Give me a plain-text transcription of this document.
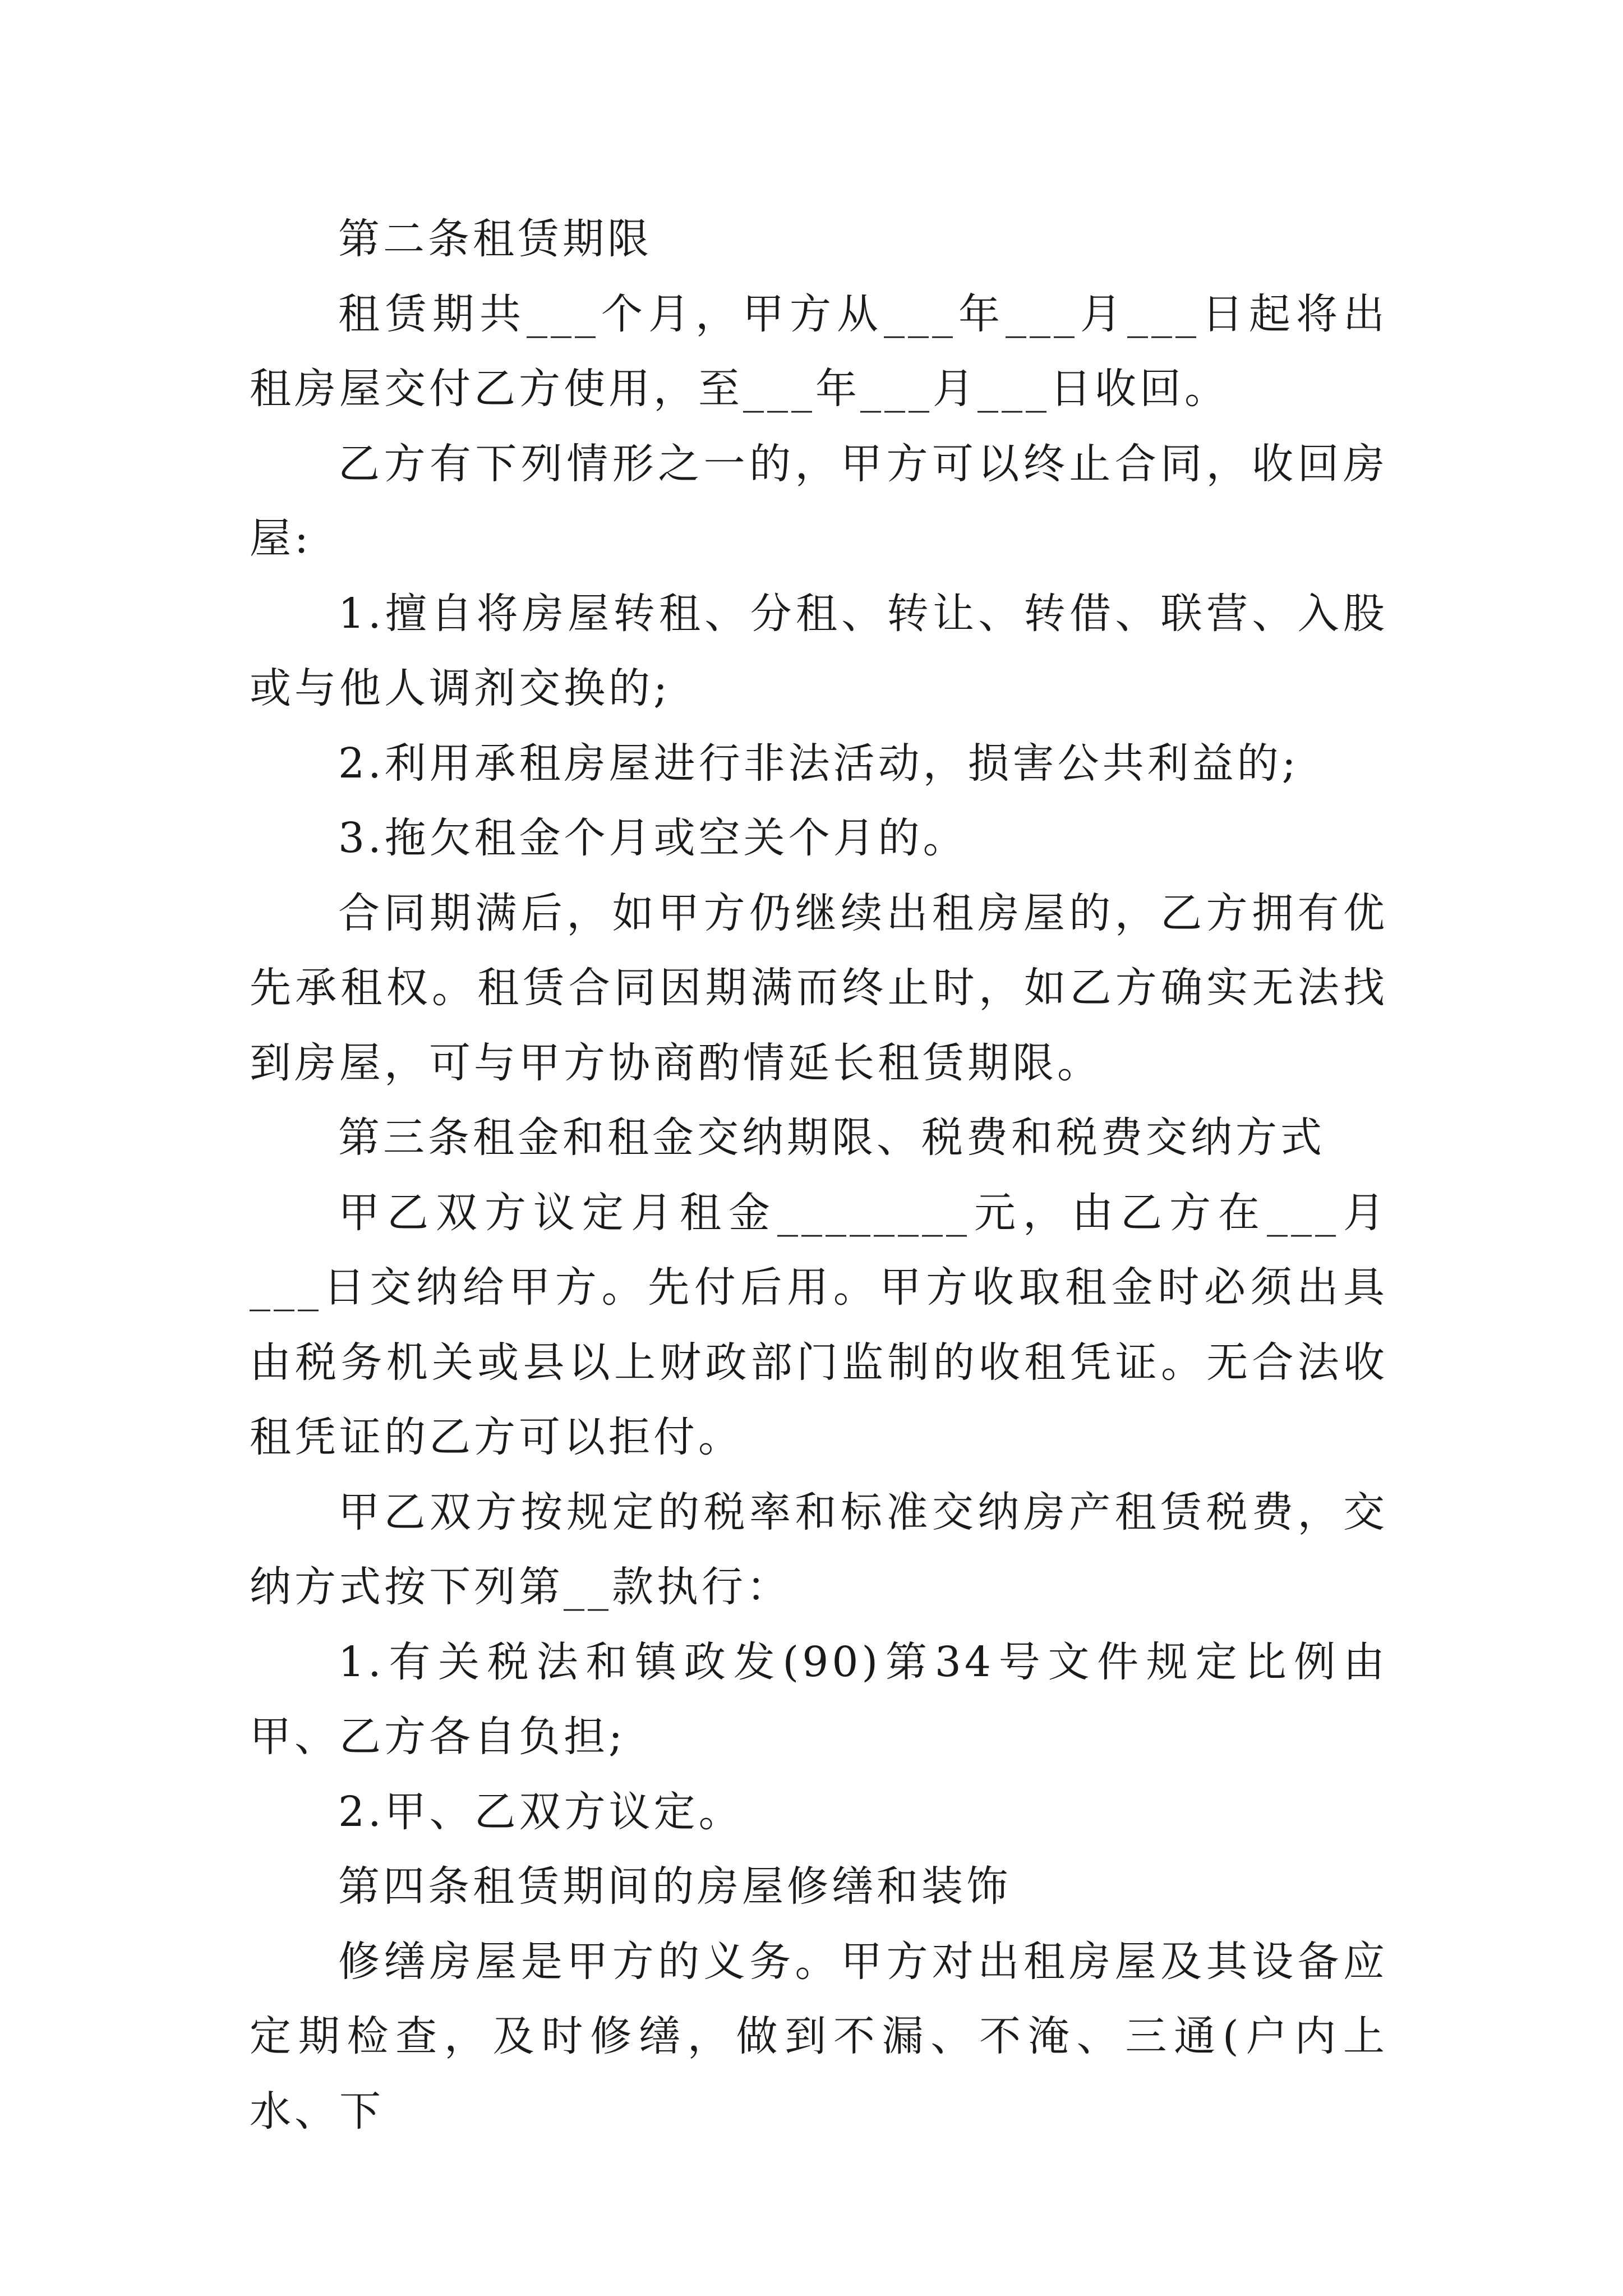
第二条租赁期限

租赁期共___个月，甲方从___年___月___日起将出租房屋交付乙方使用，至___年___月___日收回。

乙方有下列情形之一的，甲方可以终止合同，收回房屋:

1.擅自将房屋转租、分租、转让、转借、联营、入股或与他人调剂交换的;

2.利用承租房屋进行非法活动，损害公共利益的;

3.拖欠租金个月或空关个月的。

合同期满后，如甲方仍继续出租房屋的，乙方拥有优先承租权。租赁合同因期满而终止时，如乙方确实无法找到房屋，可与甲方协商酌情延长租赁期限。

第三条租金和租金交纳期限、税费和税费交纳方式

甲乙双方议定月租金________元，由乙方在___月___日交纳给甲方。先付后用。甲方收取租金时必须出具由税务机关或县以上财政部门监制的收租凭证。无合法收租凭证的乙方可以拒付。

甲乙双方按规定的税率和标准交纳房产租赁税费，交纳方式按下列第__款执行：

1.有关税法和镇政发(90)第34号文件规定比例由甲、乙方各自负担;

2.甲、乙双方议定。

第四条租赁期间的房屋修缮和装饰

修缮房屋是甲方的义务。甲方对出租房屋及其设备应定期检查，及时修缮，做到不漏、不淹、三通(户内上水、下
